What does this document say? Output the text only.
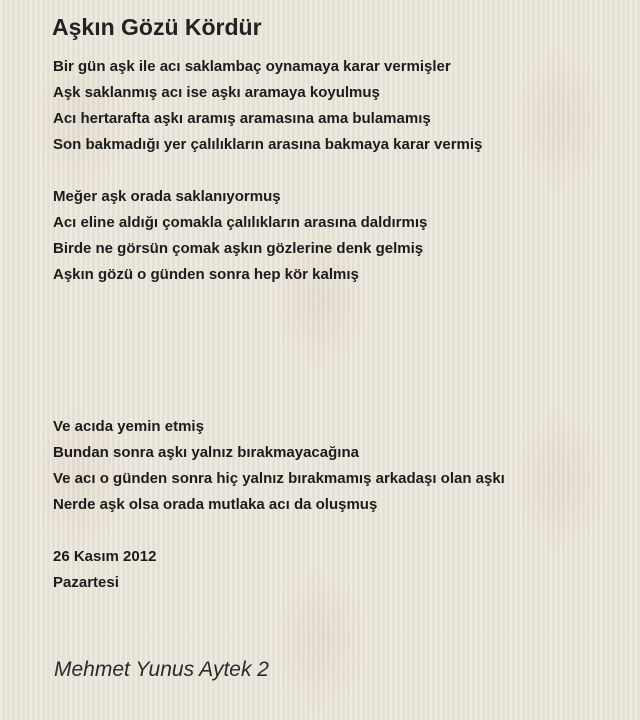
Aşkın Gözü Kördür
Bir gün aşk ile acı saklambaç oynamaya karar vermişler
Aşk saklanmış acı ise aşkı aramaya koyulmuş
Acı hertarafta aşkı aramış aramasına ama bulamamış
Son bakmadığı yer çalılıkların arasına bakmaya karar vermiş
Meğer aşk orada saklanıyormuş
Acı eline aldığı çomakla çalılıkların arasına daldırmış
Birde ne görsün çomak aşkın gözlerine denk gelmiş
Aşkın gözü o günden sonra hep kör kalmış
Ve acıda yemin etmiş
Bundan sonra aşkı yalnız bırakmayacağına
Ve acı o günden sonra hiç yalnız bırakmamış arkadaşı olan aşkı
Nerde aşk olsa orada mutlaka acı da oluşmuş
26 Kasım 2012
Pazartesi
Mehmet Yunus Aytek 2
